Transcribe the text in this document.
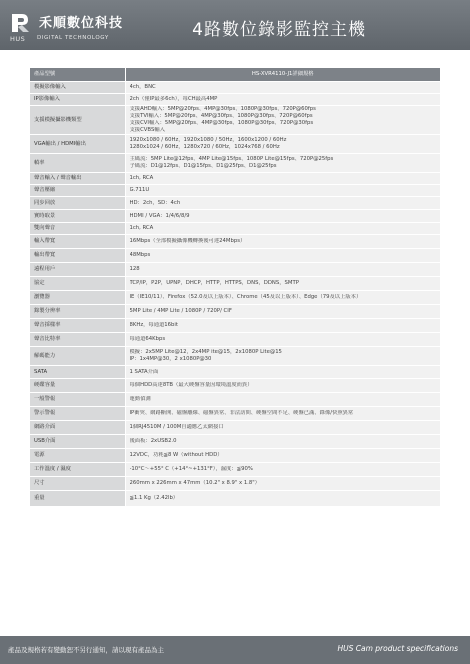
禾順數位科技
HUS DIGITAL TECHNOLOGY	4路數位錄影監控主機
產品型號	HS-XVR4110-J1詳細規格
模擬影像輸入	4ch，BNC

IP影像輸入	2ch（僅IP最多6ch），每CH最高4MP

支援模擬攝影機類型	支援AHD輸入：5MP@20fps、4MP@30fps、1080P@30fps、720P@60fps
支援TVI輸入：5MP@20fps、4MP@30fps、1080P@30fps、720P@60fps
支援CVI輸入：5MP@20fps、4MP@30fps、1080P@30fps、720P@30fps
支援CVBS輸入

VGA輸出 / HDMI輸出	1920x1080 / 60Hz，1920x1080 / 50Hz，1600x1200 / 60Hz
1280x1024 / 60Hz，1280x720 / 60Hz，1024x768 / 60Hz

幀率	主碼流：5MP Lite@12fps、4MP Lite@15fps、1080P Lite@15fps、720P@25fps
子碼流：D1@12fps、D1@15fps、D1@25fps、D1@25fps

聲音輸入 / 聲音輸出	1ch, RCA

聲音壓縮	G.711U

同步回放	HD：2ch，SD：4ch

實時取景	HDMI / VGA：1/4/6/8/9

雙向聲音	1ch, RCA

輸入帶寬	16Mbps（全部模擬攝像機轉換後可達24Mbps）

輸出帶寬	48Mbps

遠程用戶	128

協定	TCP/IP，P2P，UPNP，DHCP，HTTP，HTTPS，DNS，DDNS，SMTP

瀏覽器	IE（IE10/11）、Firefox（52.0及以上版本）、Chrome（45及以上版本）、Edge（79及以上版本）

錄製分辨率	5MP Lite / 4MP Lite / 1080P / 720P/ CIF

聲音採樣率	8KHz，每通道16bit

聲音比特率	每通道64Kbps

解碼能力	模擬：2x5MP Lite@12，2x4MP ite@15，2x1080P Lite@15
IP：1x4MP@30，2 x1080P@30

SATA	1 SATA介面

硬碟容量	每個HDD高達8TB（最大硬盤容量因環境溫度而異）

一般警報	運動偵測

警示警報	IP衝突、網路斷開、磁盤離線、磁盤異常、非法訪問、硬盤空間不足、硬盤已滿、錄像/快照異常

網路介面	1個RJ4510M / 100M自適應乙太網接口

USB介面	後面板：2xUSB2.0

電源	12VDC，功耗≦8 W（without HDD）

工作溫度 / 濕度	-10°C～+55° C（+14°~+131°F），濕度：≦90%

尺寸	260mm x 226mm x 47mm（10.2" x 8.9" x 1.8"）

重量	≦1.1 Kg（2.42lb）
產品及規格若有變動恕不另行通知，請以現有產品為主	HUS Cam product specifications
